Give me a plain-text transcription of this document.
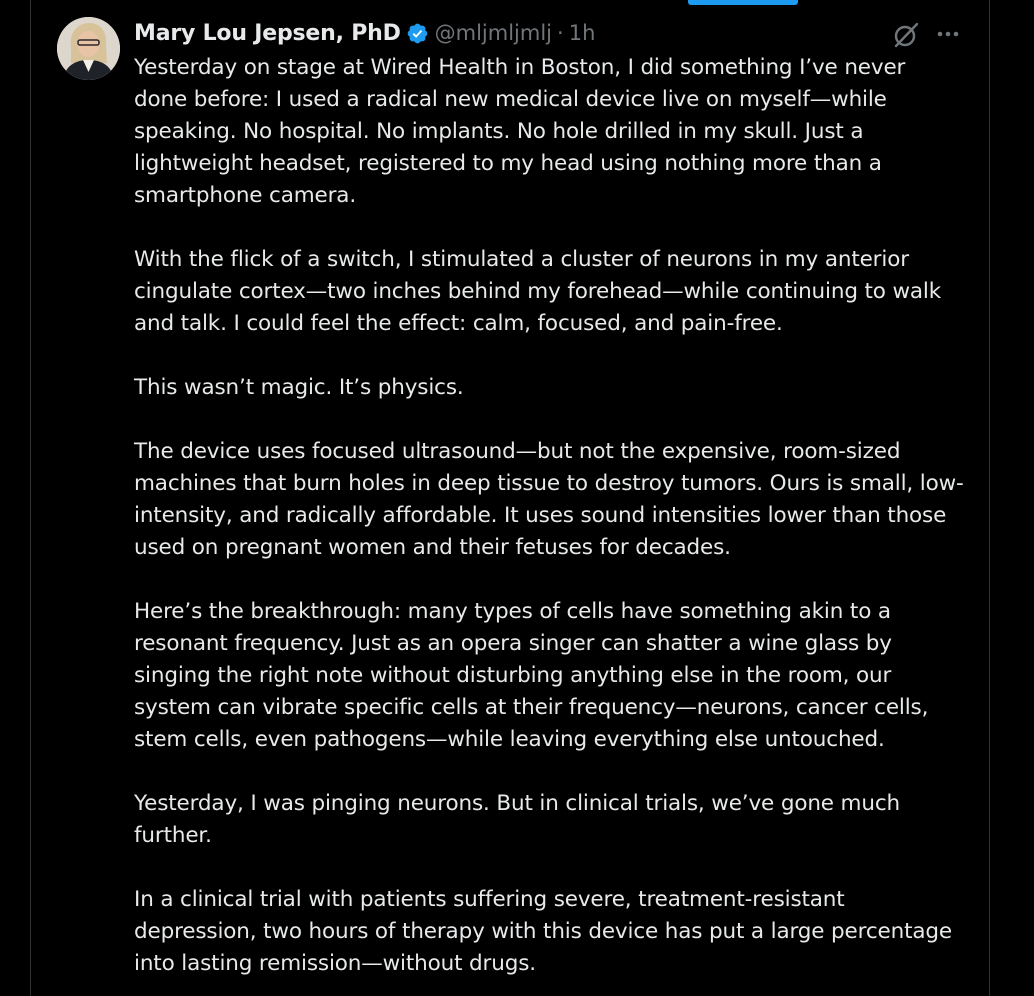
Mary Lou Jepsen, PhD @mljmljmlj · 1h

Yesterday on stage at Wired Health in Boston, I did something I’ve never done before: I used a radical new medical device live on myself—while speaking. No hospital. No implants. No hole drilled in my skull. Just a lightweight headset, registered to my head using nothing more than a smartphone camera.

With the flick of a switch, I stimulated a cluster of neurons in my anterior cingulate cortex—two inches behind my forehead—while continuing to walk and talk. I could feel the effect: calm, focused, and pain-free.

This wasn’t magic. It’s physics.

The device uses focused ultrasound—but not the expensive, room-sized machines that burn holes in deep tissue to destroy tumors. Ours is small, low-intensity, and radically affordable. It uses sound intensities lower than those used on pregnant women and their fetuses for decades.

Here’s the breakthrough: many types of cells have something akin to a resonant frequency. Just as an opera singer can shatter a wine glass by singing the right note without disturbing anything else in the room, our system can vibrate specific cells at their frequency—neurons, cancer cells, stem cells, even pathogens—while leaving everything else untouched.

Yesterday, I was pinging neurons. But in clinical trials, we’ve gone much further.

In a clinical trial with patients suffering severe, treatment-resistant depression, two hours of therapy with this device has put a large percentage into lasting remission—without drugs.
